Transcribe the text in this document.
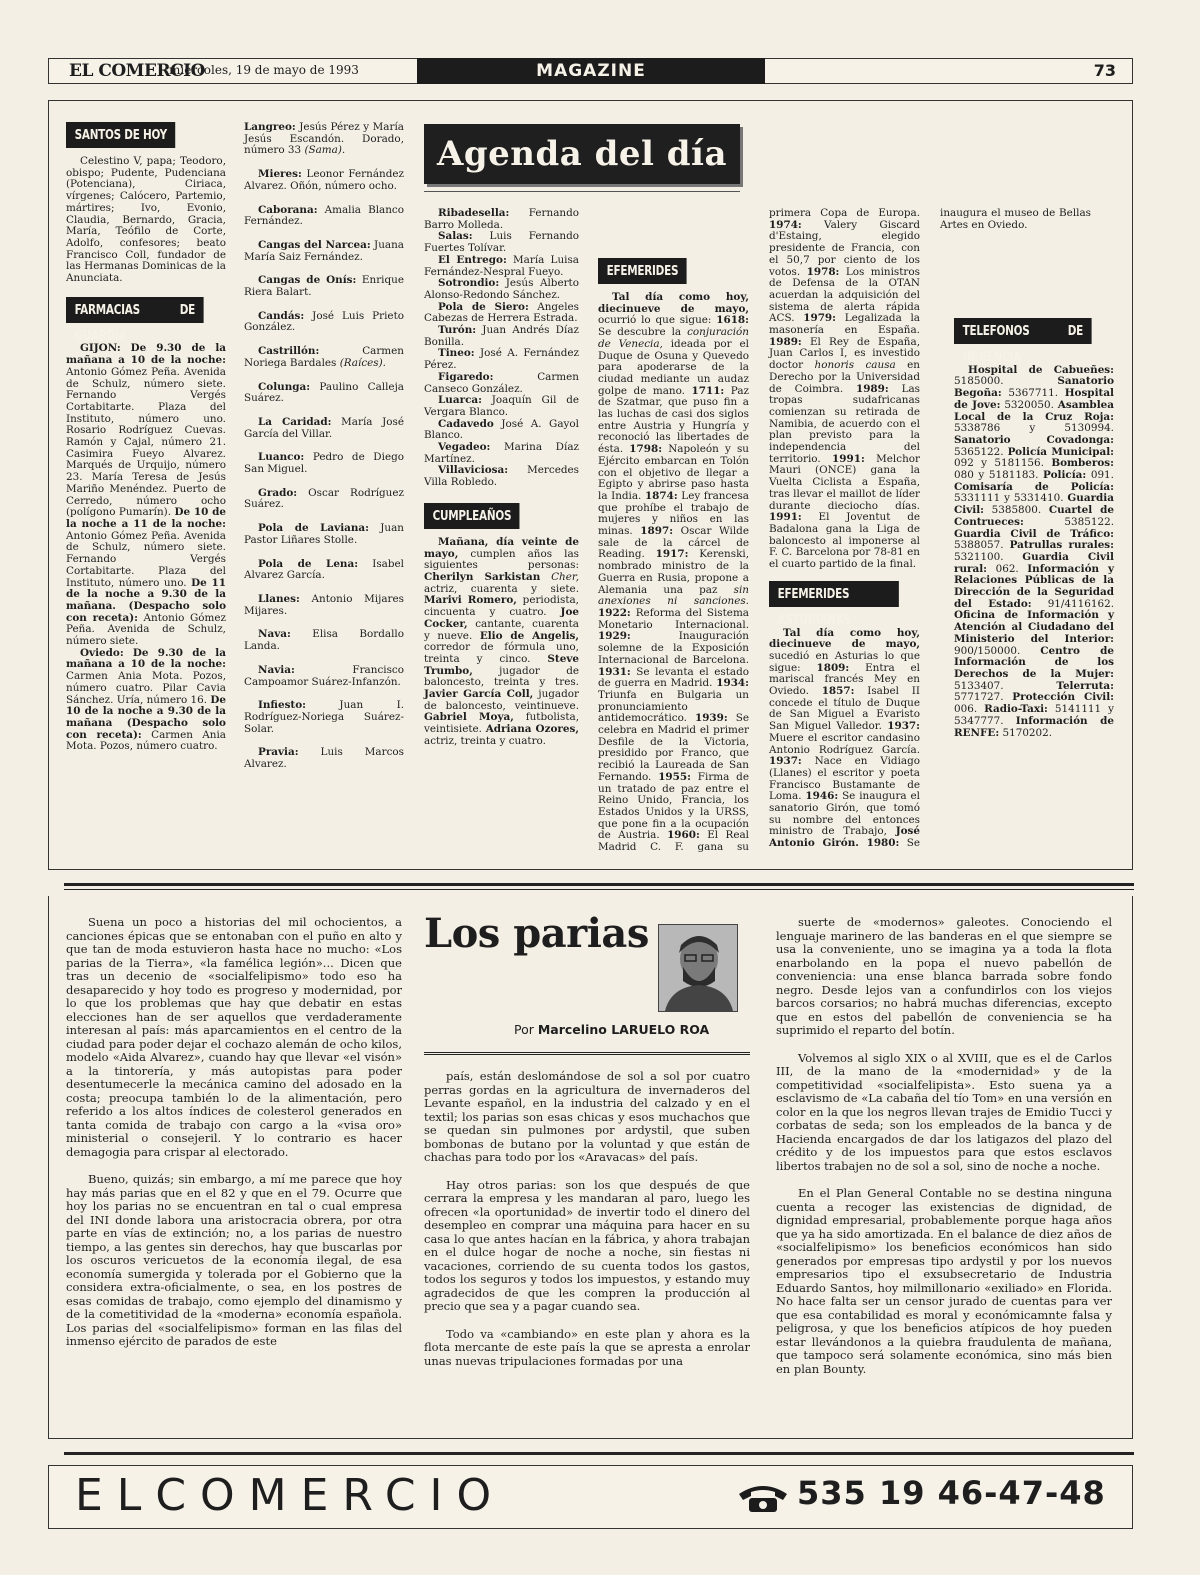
EL COMERCIO
miércoles, 19 de mayo de 1993	MAGAZINE	73
SANTOS DE HOY

Celestino V, papa; Teodoro, obispo; Pudente, Pudenciana (Potenciana), Ciriaca, vírgenes; Calócero, Partemio, mártires; Ivo, Evonio, Claudia, Bernardo, Gracia, María, Teófilo de Corte, Adolfo, confesores; beato Francisco Coll, fundador de las Hermanas Dominicas de la Anunciata.

FARMACIAS DE GUARDIA

GIJON: De 9.30 de la mañana a 10 de la noche: Antonio Gómez Peña. Avenida de Schulz, número siete. Fernando Vergés Cortabitarte. Plaza del Instituto, número uno. Rosario Rodríguez Cuevas. Ramón y Cajal, número 21. Casimira Fueyo Alvarez. Marqués de Urquijo, número 23. María Teresa de Jesús Mariño Menéndez. Puerto de Cerredo, número ocho (polígono Pumarín). De 10 de la noche a 11 de la noche: Antonio Gómez Peña. Avenida de Schulz, número siete. Fernando Vergés Cortabitarte. Plaza del Instituto, número uno. De 11 de la noche a 9.30 de la mañana. (Despacho solo con receta): Antonio Gómez Peña. Avenida de Schulz, número siete.

Oviedo: De 9.30 de la mañana a 10 de la noche: Carmen Ania Mota. Pozos, número cuatro. Pilar Cavia Sánchez. Uría, número 16. De 10 de la noche a 9.30 de la mañana (Despacho solo con receta): Carmen Ania Mota. Pozos, número cuatro.

Langreo: Jesús Pérez y María Jesús Escandón. Dorado, número 33 (Sama).

Mieres: Leonor Fernández Alvarez. Oñón, número ocho.

Caborana: Amalia Blanco Fernández.

Cangas del Narcea: Juana María Saiz Fernández.

Cangas de Onís: Enrique Riera Balart.

Candás: José Luis Prieto González.

Castrillón: Carmen Noriega Bardales (Raíces).

Colunga: Paulino Calleja Suárez.

La Caridad: María José García del Villar.

Luanco: Pedro de Diego San Miguel.

Grado: Oscar Rodríguez Suárez.

Pola de Laviana: Juan Pastor Liñares Stolle.

Pola de Lena: Isabel Alvarez García.

Llanes: Antonio Mijares Mijares.

Nava: Elisa Bordallo Landa.

Navia: Francisco Campoamor Suárez-Infanzón.

Infiesto: Juan I. Rodríguez-Noriega Suárez-Solar.

Pravia: Luis Marcos Alvarez.

Agenda del día

Ribadesella: Fernando Barro Molleda.

Salas: Luis Fernando Fuertes Tolívar.

El Entrego: María Luisa Fernández-Nespral Fueyo.

Sotrondio: Jesús Alberto Alonso-Redondo Sánchez.

Pola de Siero: Angeles Cabezas de Herrera Estrada.

Turón: Juan Andrés Díaz Bonilla.

Tineo: José A. Fernández Pérez.

Figaredo: Carmen Canseco González.

Luarca: Joaquín Gil de Vergara Blanco.

Cadavedo José A. Gayol Blanco.

Vegadeo: Marina Díaz Martínez.

Villaviciosa: Mercedes Villa Robledo.

CUMPLEAÑOS

Mañana, día veinte de mayo, cumplen años las siguientes personas: Cherilyn Sarkistan Cher, actriz, cuarenta y siete. Marivi Romero, periodista, cincuenta y cuatro. Joe Cocker, cantante, cuarenta y nueve. Elio de Angelis, corredor de fórmula uno, treinta y cinco. Steve Trumbo, jugador de baloncesto, treinta y tres. Javier García Coll, jugador de baloncesto, veintinueve. Gabriel Moya, futbolista, veintisiete. Adriana Ozores, actriz, treinta y cuatro.

EFEMERIDES

Tal día como hoy, diecinueve de mayo, ocurrió lo que sigue: 1618: Se descubre la conjuración de Venecia, ideada por el Duque de Osuna y Quevedo para apoderarse de la ciudad mediante un audaz golpe de mano. 1711: Paz de Szatmar, que puso fin a las luchas de casi dos siglos entre Austria y Hungría y reconoció las libertades de ésta. 1798: Napoleón y su Ejército embarcan en Tolón con el objetivo de llegar a Egipto y abrirse paso hasta la India. 1874: Ley francesa que prohíbe el trabajo de mujeres y niños en las minas. 1897: Oscar Wilde sale de la cárcel de Reading. 1917: Kerenski, nombrado ministro de la Guerra en Rusia, propone a Alemania una paz sin anexiones ni sanciones. 1922: Reforma del Sistema Monetario Internacional. 1929: Inauguración solemne de la Exposición Internacional de Barcelona. 1931: Se levanta el estado de guerra en Madrid. 1934: Triunfa en Bulgaria un pronunciamiento antidemocrático. 1939: Se celebra en Madrid el primer Desfile de la Victoria, presidido por Franco, que recibió la Laureada de San Fernando. 1955: Firma de un tratado de paz entre el Reino Unido, Francia, los Estados Unidos y la URSS, que pone fin a la ocupación de Austria. 1960: El Real Madrid C. F. gana su primera Copa de Europa. 1974: Valery Giscard d'Estaing, elegido presidente de Francia, con el 50,7 por ciento de los votos. 1978: Los ministros de Defensa de la OTAN acuerdan la adquisición del sistema de alerta rápida ACS. 1979: Legalizada la masonería en España. 1989: El Rey de España, Juan Carlos I, es investido doctor honoris causa en Derecho por la Universidad de Coimbra. 1989: Las tropas sudafricanas comienzan su retirada de Namibia, de acuerdo con el plan previsto para la independencia del territorio. 1991: Melchor Mauri (ONCE) gana la Vuelta Ciclista a España, tras llevar el maillot de líder durante dieciocho días. 1991: El Joventut de Badalona gana la Liga de baloncesto al imponerse al F. C. Barcelona por 78-81 en el cuarto partido de la final.

EFEMERIDES ASTURIANAS

Tal día como hoy, diecinueve de mayo, sucedió en Asturias lo que sigue: 1809: Entra el mariscal francés Mey en Oviedo. 1857: Isabel II concede el título de Duque de San Miguel a Evaristo San Miguel Valledor. 1937: Muere el escritor candasino Antonio Rodríguez García. 1937: Nace en Vidiago (Llanes) el escritor y poeta Francisco Bustamante de Loma. 1946: Se inaugura el sanatorio Girón, que tomó su nombre del entonces ministro de Trabajo, José Antonio Girón. 1980: Se inaugura el museo de Bellas Artes en Oviedo.

TELEFONOS DE URGENCIA

Hospital de Cabueñes: 5185000. Sanatorio Begoña: 5367711. Hospital de Jove: 5320050. Asamblea Local de la Cruz Roja: 5338786 y 5130994. Sanatorio Covadonga: 5365122. Policía Municipal: 092 y 5181156. Bomberos: 080 y 5181183. Policía: 091. Comisaría de Policía: 5331111 y 5331410. Guardia Civil: 5385800. Cuartel de Contrueces: 5385122. Guardia Civil de Tráfico: 5388057. Patrullas rurales: 5321100. Guardia Civil rural: 062. Información y Relaciones Públicas de la Dirección de la Seguridad del Estado: 91/4116162. Oficina de Información y Atención al Ciudadano del Ministerio del Interior: 900/150000. Centro de Información de los Derechos de la Mujer: 5133407. Telerruta: 5771727. Protección Civil: 006. Radio-Taxi: 5141111 y 5347777. Información de RENFE: 5170202.

Suena un poco a historias del mil ochocientos, a canciones épicas que se entonaban con el puño en alto y que tan de moda estuvieron hasta hace no mucho: «Los parias de la Tierra», «la famélica legión»... Dicen que tras un decenio de «socialfelipismo» todo eso ha desaparecido y hoy todo es progreso y modernidad, por lo que los problemas que hay que debatir en estas elecciones han de ser aquellos que verdaderamente interesan al país: más aparcamientos en el centro de la ciudad para poder dejar el cochazo alemán de ocho kilos, modelo «Aida Alvarez», cuando hay que llevar «el visón» a la tintorería, y más autopistas para poder desentumecerle la mecánica camino del adosado en la costa; preocupa también lo de la alimentación, pero referido a los altos índices de colesterol generados en tanta comida de trabajo con cargo a la «visa oro» ministerial o consejeril. Y lo contrario es hacer demagogia para crispar al electorado.

Bueno, quizás; sin embargo, a mí me parece que hoy hay más parias que en el 82 y que en el 79. Ocurre que hoy los parias no se encuentran en tal o cual empresa del INI donde labora una aristocracia obrera, por otra parte en vías de extinción; no, a los parias de nuestro tiempo, a las gentes sin derechos, hay que buscarlas por los oscuros vericuetos de la economía ilegal, de esa economía sumergida y tolerada por el Gobierno que la considera extra-oficialmente, o sea, en los postres de esas comidas de trabajo, como ejemplo del dinamismo y de la cometitividad de la «moderna» economía española. Los parias del «socialfelipismo» forman en las filas del inmenso ejército de parados de este

Los parias
Por Marcelino LARUELO ROA

país, están deslomándose de sol a sol por cuatro perras gordas en la agricultura de invernaderos del Levante español, en la industria del calzado y en el textil; los parias son esas chicas y esos muchachos que se quedan sin pulmones por ardystil, que suben bombonas de butano por la voluntad y que están de chachas para todo por los «Aravacas» del país.

Hay otros parias: son los que después de que cerrara la empresa y les mandaran al paro, luego les ofrecen «la oportunidad» de invertir todo el dinero del desempleo en comprar una máquina para hacer en su casa lo que antes hacían en la fábrica, y ahora trabajan en el dulce hogar de noche a noche, sin fiestas ni vacaciones, corriendo de su cuenta todos los gastos, todos los seguros y todos los impuestos, y estando muy agradecidos de que les compren la producción al precio que sea y a pagar cuando sea.

Todo va «cambiando» en este plan y ahora es la flota mercante de este país la que se apresta a enrolar unas nuevas tripulaciones formadas por una

suerte de «modernos» galeotes. Conociendo el lenguaje marinero de las banderas en el que siempre se usa la conveniente, uno se imagina ya a toda la flota enarbolando en la popa el nuevo pabellón de conveniencia: una ense blanca barrada sobre fondo negro. Desde lejos van a confundirlos con los viejos barcos corsarios; no habrá muchas diferencias, excepto que en estos del pabellón de conveniencia se ha suprimido el reparto del botín.

Volvemos al siglo XIX o al XVIII, que es el de Carlos III, de la mano de la «modernidad» y de la competitividad «socialfelipista». Esto suena ya a esclavismo de «La cabaña del tío Tom» en una versión en color en la que los negros llevan trajes de Emidio Tucci y corbatas de seda; son los empleados de la banca y de Hacienda encargados de dar los latigazos del plazo del crédito y de los impuestos para que estos esclavos libertos trabajen no de sol a sol, sino de noche a noche.

En el Plan General Contable no se destina ninguna cuenta a recoger las existencias de dignidad, de dignidad empresarial, probablemente porque haga años que ya ha sido amortizada. En el balance de diez años de «socialfelipismo» los beneficios económicos han sido generados por empresas tipo ardystil y por los nuevos empresarios tipo el exsubsecretario de Industria Eduardo Santos, hoy milmillonario «exiliado» en Florida. No hace falta ser un censor jurado de cuentas para ver que esa contabilidad es moral y económicamnte falsa y peligrosa, y que los beneficios atípicos de hoy pueden estar llevándonos a la quiebra fraudulenta de mañana, que tampoco será solamente económica, sino más bien en plan Bounty.

ELCOMERCIO	535 19 46-47-48
